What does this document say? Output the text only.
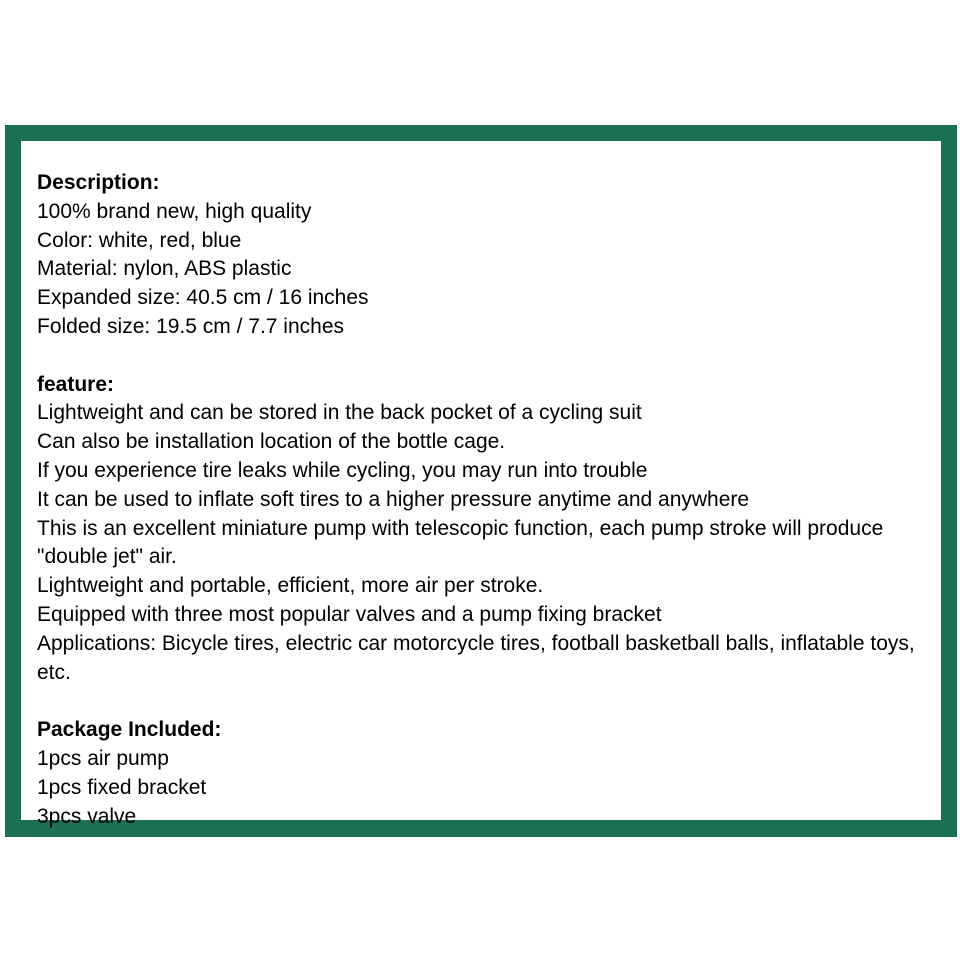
Description:
100% brand new, high quality
Color: white, red, blue
Material: nylon, ABS plastic
Expanded size: 40.5 cm / 16 inches
Folded size: 19.5 cm / 7.7 inches
feature:
Lightweight and can be stored in the back pocket of a cycling suit
Can also be installation location of the bottle cage.
If you experience tire leaks while cycling, you may run into trouble
It can be used to inflate soft tires to a higher pressure anytime and anywhere
This is an excellent miniature pump with telescopic function, each pump stroke will produce "double jet" air.
Lightweight and portable, efficient, more air per stroke.
Equipped with three most popular valves and a pump fixing bracket
Applications: Bicycle tires, electric car motorcycle tires, football basketball balls, inflatable toys, etc.
Package Included:
1pcs air pump
1pcs fixed bracket
3pcs valve
